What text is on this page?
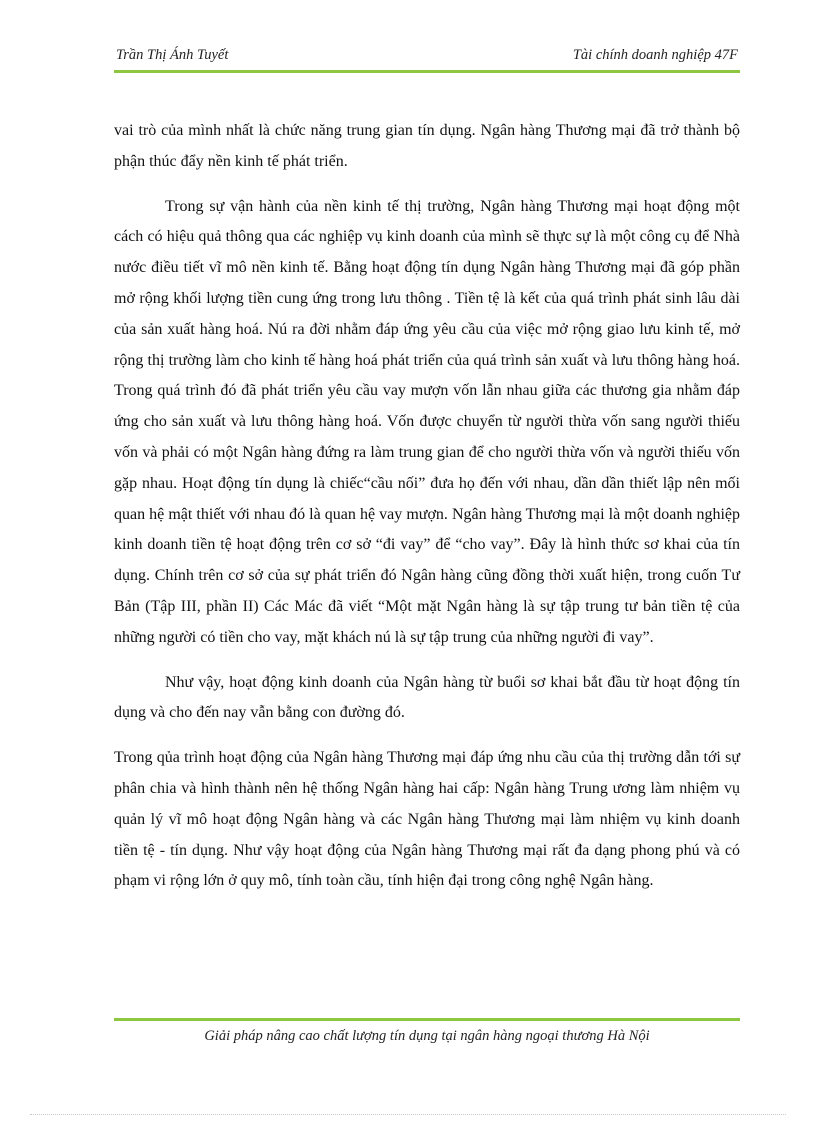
Trần Thị Ánh Tuyết	Tài chính doanh nghiệp 47F

vai trò của mình nhất là chức năng trung gian tín dụng. Ngân hàng Thương mại đã trở thành bộ phận thúc đẩy nền kinh tế phát triển.

Trong sự vận hành của nền kinh tế thị trường, Ngân hàng Thương mại hoạt động một cách có hiệu quả thông qua các nghiệp vụ kinh doanh của mình sẽ thực sự là một công cụ để Nhà nước điều tiết vĩ mô nền kinh tế. Bằng hoạt động tín dụng Ngân hàng Thương mại đã góp phần mở rộng khối lượng tiền cung ứng trong lưu thông . Tiền tệ là kết của quá trình phát sinh lâu dài của sản xuất hàng hoá. Nú ra đời nhằm đáp ứng yêu cầu của việc mở rộng giao lưu kinh tế, mở rộng thị trường làm cho kinh tế hàng hoá phát triển của quá trình sản xuất và lưu thông hàng hoá. Trong quá trình đó đã phát triển yêu cầu vay mượn vốn lẫn nhau giữa các thương gia nhằm đáp ứng cho sản xuất và lưu thông hàng hoá. Vốn được chuyển từ người thừa vốn sang người thiếu vốn và phải có một Ngân hàng đứng ra làm trung gian để cho người thừa vốn và người thiếu vốn gặp nhau. Hoạt động tín dụng là chiếc“cầu nối” đưa họ đến với nhau, dần dần thiết lập nên mối quan hệ mật thiết với nhau đó là quan hệ vay mượn. Ngân hàng Thương mại là một doanh nghiệp kinh doanh tiền tệ hoạt động trên cơ sở “đi vay” để “cho vay”. Đây là hình thức sơ khai của tín dụng. Chính trên cơ sở của sự phát triển đó Ngân hàng cũng đồng thời xuất hiện, trong cuốn Tư Bản (Tập III, phần II) Các Mác đã viết “Một mặt Ngân hàng là sự tập trung tư bản tiền tệ của những người có tiền cho vay, mặt khách nú là sự tập trung của những người đi vay”.

Như vậy, hoạt động kinh doanh của Ngân hàng từ buổi sơ khai bắt đầu từ hoạt động tín dụng và cho đến nay vẫn bằng con đường đó.

Trong qủa trình hoạt động của Ngân hàng Thương mại đáp ứng nhu cầu của thị trường dẫn tới sự phân chia và hình thành nên hệ thống Ngân hàng hai cấp: Ngân hàng Trung ương làm nhiệm vụ quản lý vĩ mô hoạt động Ngân hàng và các Ngân hàng Thương mại làm nhiệm vụ kinh doanh tiền tệ - tín dụng. Như vậy hoạt động của Ngân hàng Thương mại rất đa dạng phong phú và có phạm vi rộng lớn ở quy mô, tính toàn cầu, tính hiện đại trong công nghệ Ngân hàng.

Giải pháp nâng cao chất lượng tín dụng tại ngân hàng ngoại thương Hà Nội
